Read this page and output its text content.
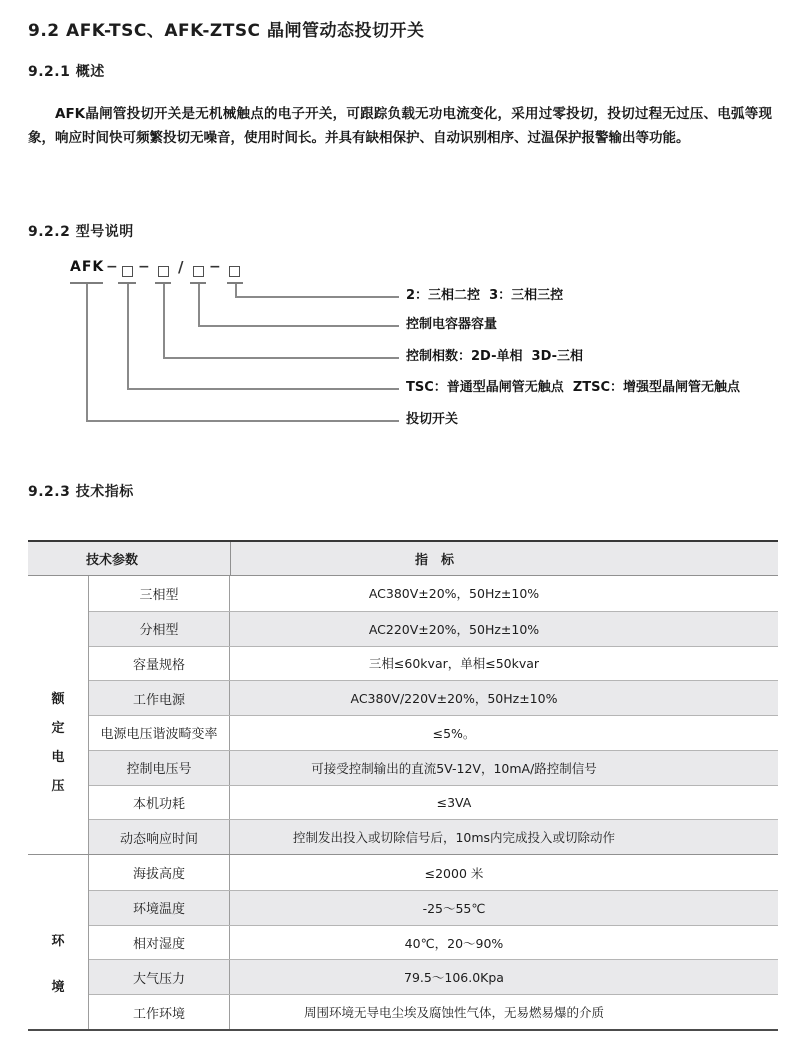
9.2 AFK-TSC、AFK-ZTSC 晶闸管动态投切开关
9.2.1 概述
AFK晶闸管投切开关是无机械触点的电子开关，可跟踪负载无功电流变化，采用过零投切，投切过程无过压、电弧等现象，响应时间快可频繁投切无噪音，使用时间长。并具有缺相保护、自动识别相序、过温保护报警输出等功能。
9.2.2 型号说明
AFK − − / −
2：三相二控  3：三相三控
控制电容器容量
控制相数：2D-单相  3D-三相
TSC：普通型晶闸管无触点  ZTSC：增强型晶闸管无触点
投切开关
9.2.3 技术指标
技术参数	指　标
额
定
电
压
三相型	AC380V±20%，50Hz±10%
分相型	AC220V±20%，50Hz±10%
容量规格	三相≤60kvar，单相≤50kvar
工作电源	AC380V/220V±20%，50Hz±10%
电源电压谐波畸变率	≤5%。
控制电压号	可接受控制输出的直流5V-12V，10mA/路控制信号
本机功耗	≤3VA
动态响应时间	控制发出投入或切除信号后，10ms内完成投入或切除动作
环
境
海拔高度	≤2000 米
环境温度	-25～55℃
相对湿度	40℃，20～90%
大气压力	79.5～106.0Kpa
工作环境	周围环境无导电尘埃及腐蚀性气体，无易燃易爆的介质
